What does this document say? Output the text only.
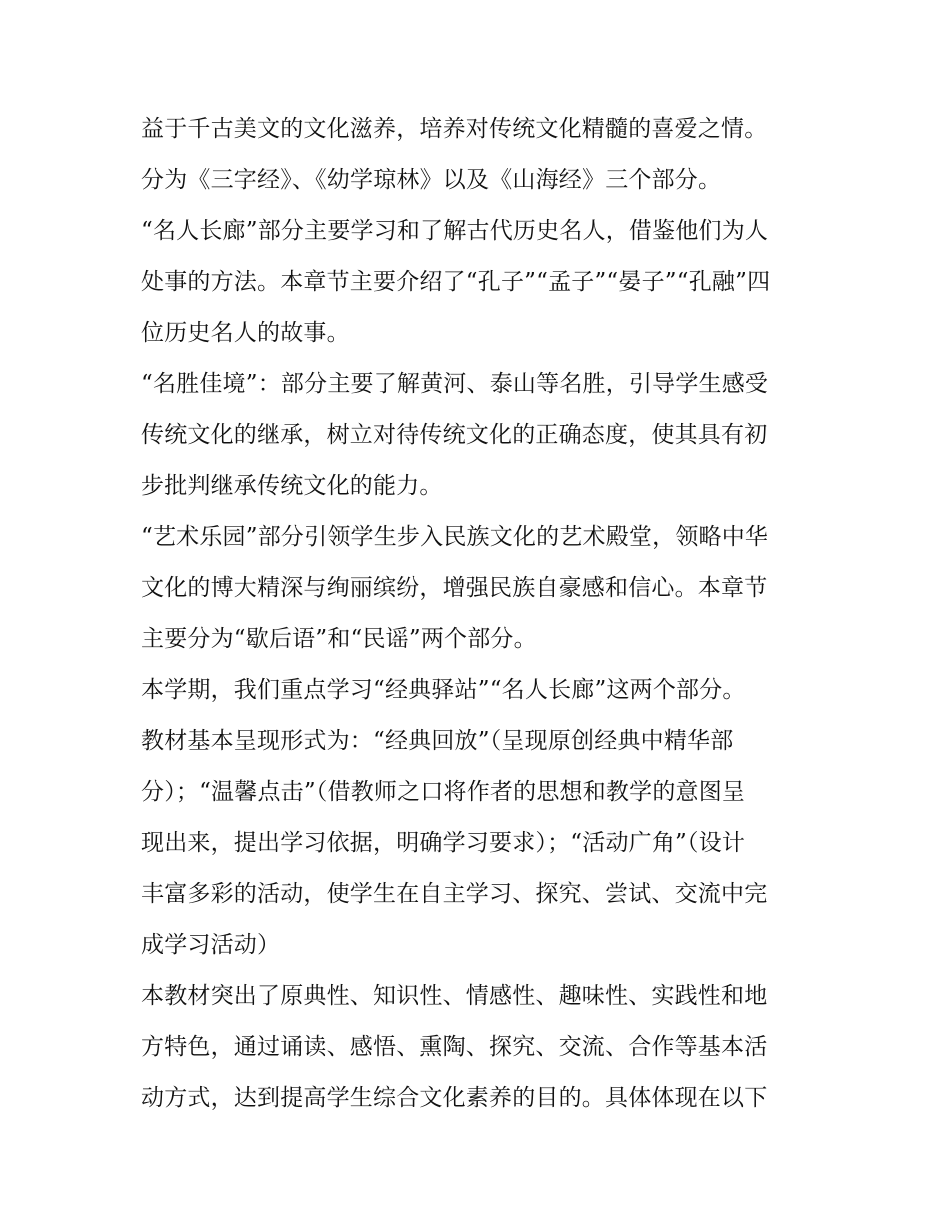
益于千古美文的文化滋养，培养对传统文化精髓的喜爱之情。
分为《三字经》、《幼学琼林》以及《山海经》三个部分。
“名人长廊”部分主要学习和了解古代历史名人，借鉴他们为人
处事的方法。本章节主要介绍了“孔子”“孟子”“晏子”“孔融”四
位历史名人的故事。
“名胜佳境”：部分主要了解黄河、泰山等名胜，引导学生感受
传统文化的继承，树立对待传统文化的正确态度，使其具有初
步批判继承传统文化的能力。
“艺术乐园”部分引领学生步入民族文化的艺术殿堂，领略中华
文化的博大精深与绚丽缤纷，增强民族自豪感和信心。本章节
主要分为“歇后语”和“民谣”两个部分。
本学期，我们重点学习“经典驿站”“名人长廊”这两个部分。
教材基本呈现形式为：“经典回放”（呈现原创经典中精华部
分）；“温馨点击”（借教师之口将作者的思想和教学的意图呈
现出来，提出学习依据，明确学习要求）；“活动广角”（设计
丰富多彩的活动，使学生在自主学习、探究、尝试、交流中完
成学习活动）
本教材突出了原典性、知识性、情感性、趣味性、实践性和地
方特色，通过诵读、感悟、熏陶、探究、交流、合作等基本活
动方式，达到提高学生综合文化素养的目的。具体体现在以下
